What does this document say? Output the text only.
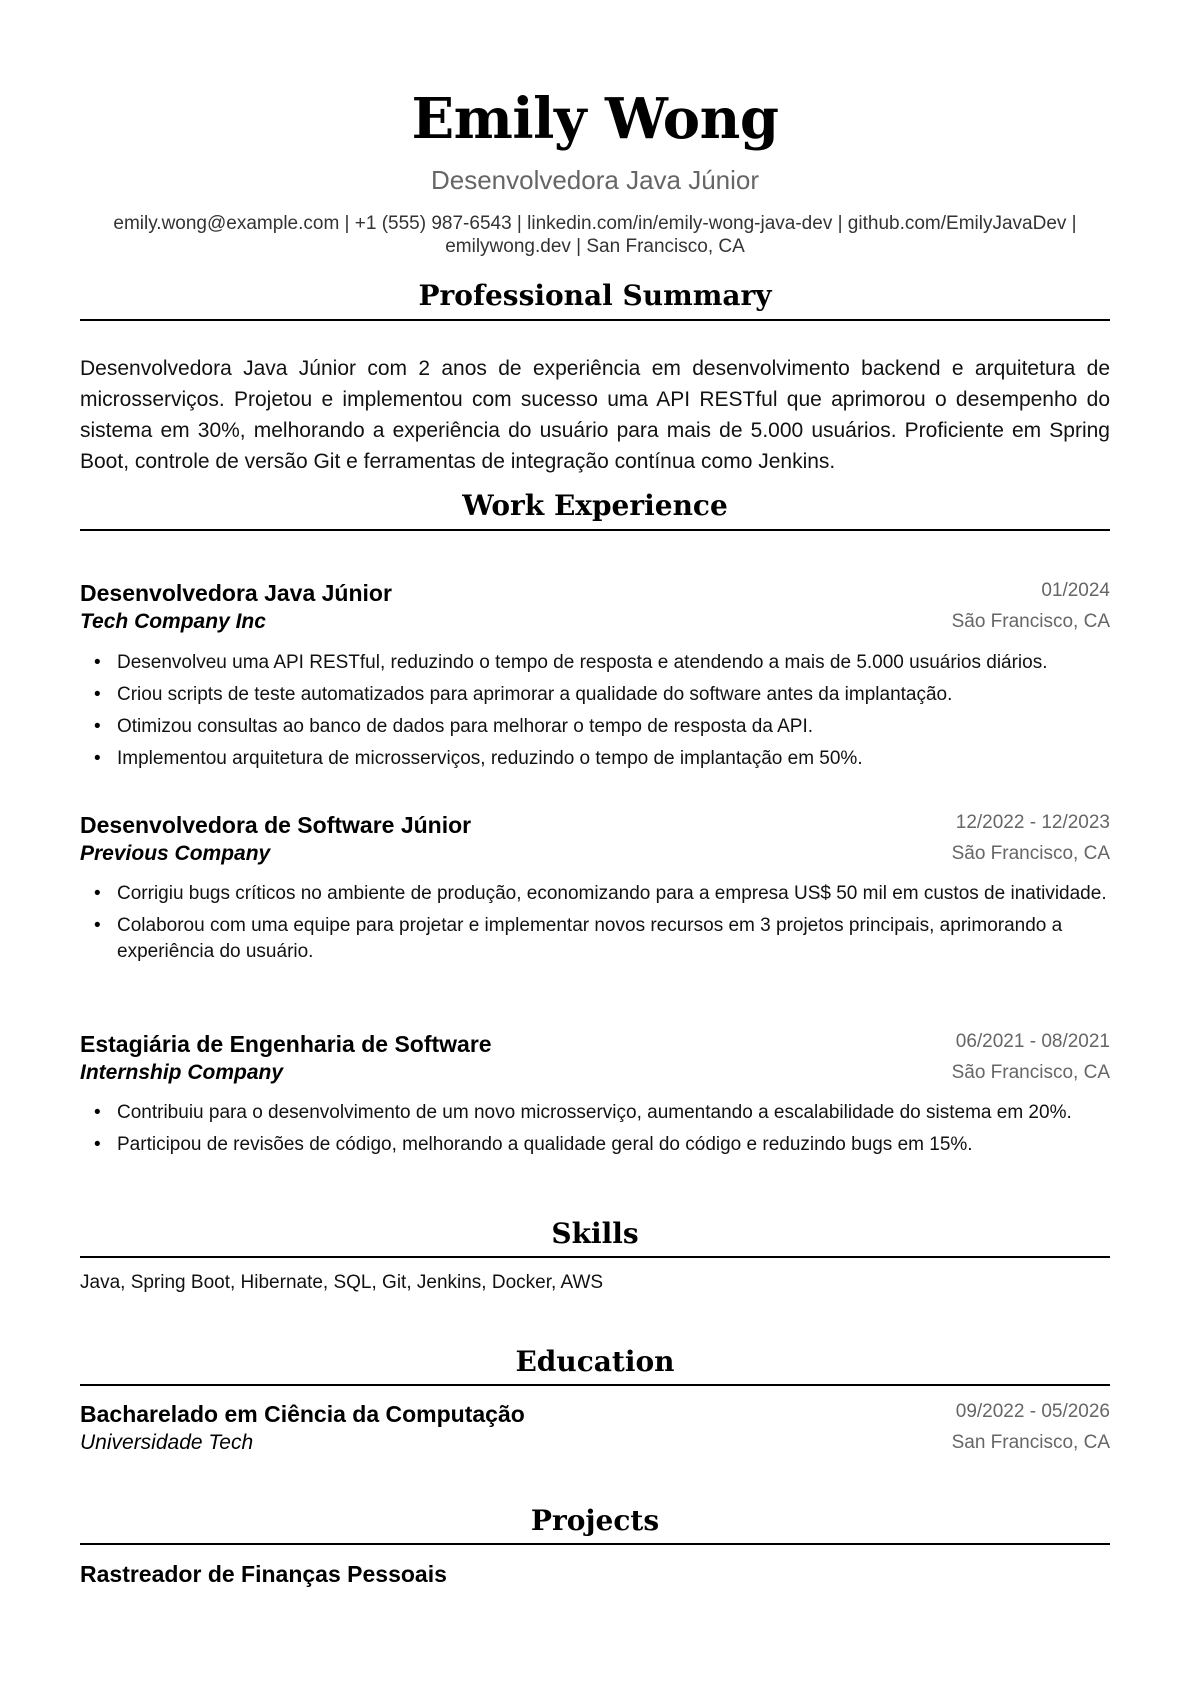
Emily Wong
Desenvolvedora Java Júnior
emily.wong@example.com | +1 (555) 987-6543 | linkedin.com/in/emily-wong-java-dev | github.com/EmilyJavaDev |
emilywong.dev | San Francisco, CA
Professional Summary
Desenvolvedora Java Júnior com 2 anos de experiência em desenvolvimento backend e arquitetura de microsserviços. Projetou e implementou com sucesso uma API RESTful que aprimorou o desempenho do sistema em 30%, melhorando a experiência do usuário para mais de 5.000 usuários. Proficiente em Spring Boot, controle de versão Git e ferramentas de integração contínua como Jenkins.
Work Experience
Desenvolvedora Java Júnior	01/2024
Tech Company Inc	São Francisco, CA
• Desenvolveu uma API RESTful, reduzindo o tempo de resposta e atendendo a mais de 5.000 usuários diários.
• Criou scripts de teste automatizados para aprimorar a qualidade do software antes da implantação.
• Otimizou consultas ao banco de dados para melhorar o tempo de resposta da API.
• Implementou arquitetura de microsserviços, reduzindo o tempo de implantação em 50%.
Desenvolvedora de Software Júnior	12/2022 - 12/2023
Previous Company	São Francisco, CA
• Corrigiu bugs críticos no ambiente de produção, economizando para a empresa US$ 50 mil em custos de inatividade.
• Colaborou com uma equipe para projetar e implementar novos recursos em 3 projetos principais, aprimorando a experiência do usuário.
Estagiária de Engenharia de Software	06/2021 - 08/2021
Internship Company	São Francisco, CA
• Contribuiu para o desenvolvimento de um novo microsserviço, aumentando a escalabilidade do sistema em 20%.
• Participou de revisões de código, melhorando a qualidade geral do código e reduzindo bugs em 15%.
Skills
Java, Spring Boot, Hibernate, SQL, Git, Jenkins, Docker, AWS
Education
Bacharelado em Ciência da Computação	09/2022 - 05/2026
Universidade Tech	San Francisco, CA
Projects
Rastreador de Finanças Pessoais
